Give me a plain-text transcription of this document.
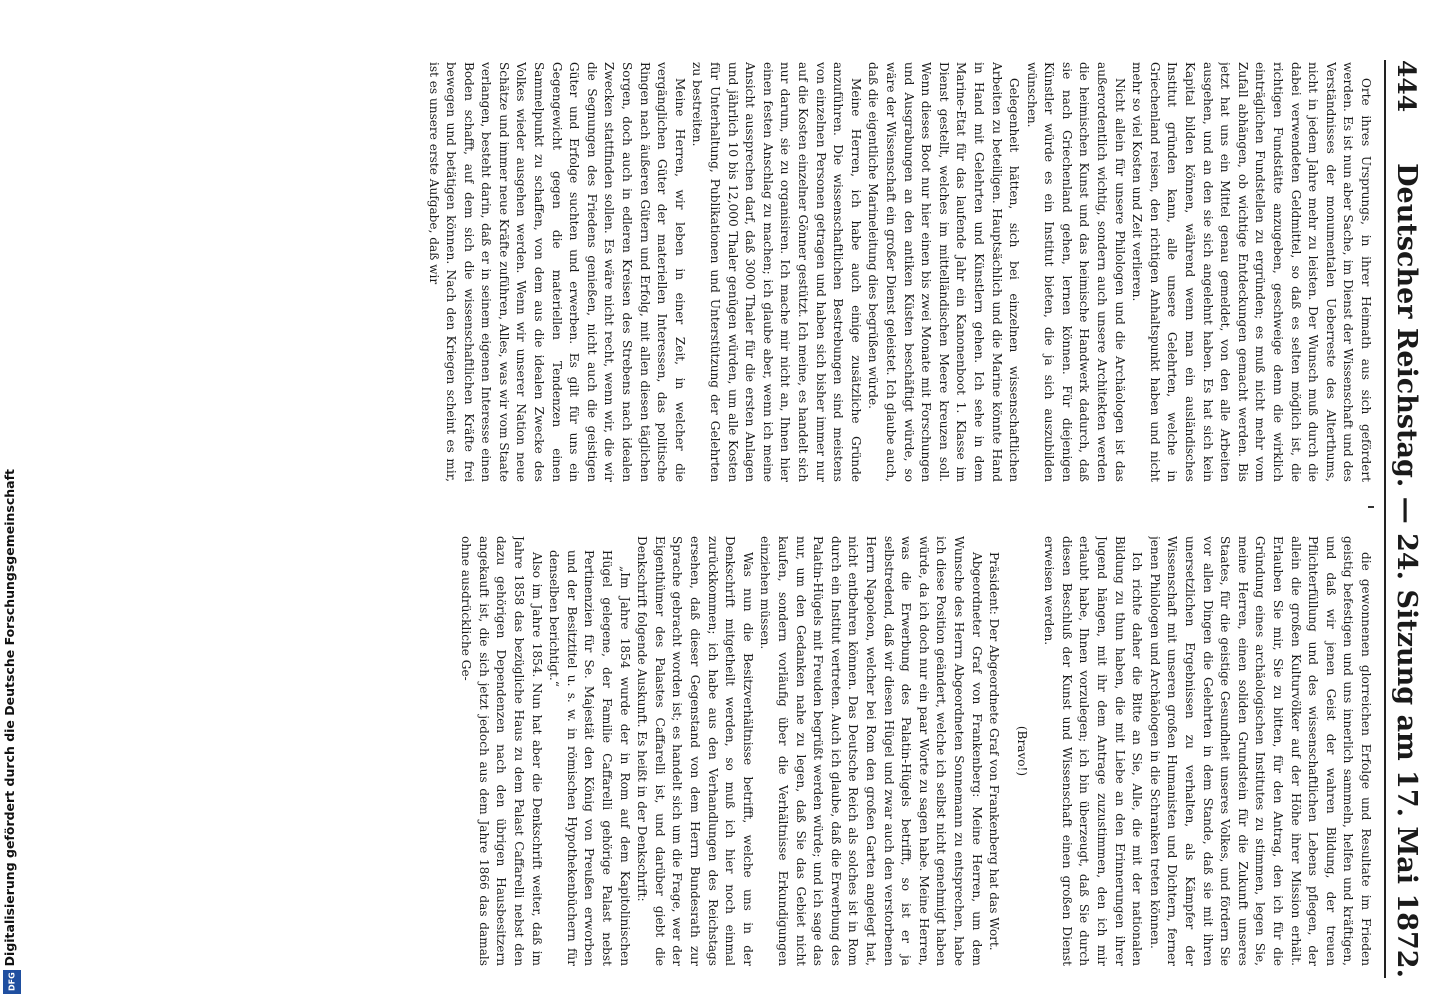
444
Deutscher Reichstag. — 24. Sitzung am 17. Mai 1872.

Orte ihres Ursprungs, in ihrer Heimath aus sich gefördert werden. Es ist nun aber Sache, im Dienst der Wissenschaft und des Verständnisses der monumentalen Ueberreste des Alterthums, nicht in jedem Jahre mehr zu leisten. Der Wunsch muß durch die dabei verwendeten Geldmittel, so daß es selten möglich ist, die richtigen Fundstätte anzugeben, geschweige denn die wirklich einträglichen Fundstellen zu ergründen; es muß nicht mehr vom Zufall abhängen, ob wichtige Entdeckungen gemacht werden. Bis jetzt hat uns ein Mittel genau gemeldet, von den alle Arbeiten ausgehen, und an den sie sich angelehnt haben. Es hat sich kein Kapital bilden können, während wenn man ein ausländisches Institut gründen kann, alle unsere Gelehrten, welche in Griechenland reisen, den richtigen Anhaltspunkt haben und nicht mehr so viel Kosten und Zeit verlieren.

Nicht allein für unsere Philologen und die Archäologen ist das außerordentlich wichtig, sondern auch unsere Architekten werden die heimischen Kunst und das heimische Handwerk dadurch, daß sie nach Griechenland gehen, lernen können. Für diejenigen Künstler würde es ein Institut bieten, die ja sich auszubilden wünschen.

Gelegenheit hätten, sich bei einzelnen wissenschaftlichen Arbeiten zu beteiligen. Hauptsächlich und die Marine könnte Hand in Hand mit Gelehrten und Künstlern gehen. Ich sehe in dem Marine-Etat für das laufende Jahr ein Kanonenboot 1. Klasse im Dienst gestellt, welches im mittelländischen Meere kreuzen soll. Wenn dieses Boot nur hier einen bis zwei Monate mit Forschungen und Ausgrabungen an den antiken Küsten beschäftigt würde, so wäre der Wissenschaft ein großer Dienst geleistet. Ich glaube auch, daß die eigentliche Marineleitung dies begrüßen würde.

Meine Herren, ich habe auch einige zusätzliche Gründe anzuführen. Die wissenschaftlichen Bestrebungen sind meistens von einzelnen Personen getragen und haben sich bisher immer nur auf die Kosten einzelner Gönner gestützt. Ich meine, es handelt sich nur darum, sie zu organisiren. Ich mache mir nicht an, Ihnen hier einen festen Anschlag zu machen; ich glaube aber, wenn ich meine Ansicht aussprechen darf, daß 3000 Thaler für die ersten Anlagen und jährlich 10 bis 12,000 Thaler genügen würden, um alle Kosten für Unterhaltung, Publikationen und Unterstützung der Gelehrten zu bestreiten.

Meine Herren, wir leben in einer Zeit, in welcher die vergänglichen Güter der materiellen Interessen, das politische Ringen nach äußeren Gütern und Erfolg, mit allen diesen täglichen Sorgen, doch auch in edleren Kreisen des Strebens nach idealen Zwecken stattfinden sollen. Es wäre nicht recht, wenn wir, die wir die Segnungen des Friedens genießen, nicht auch die geistigen Güter und Erfolge suchten und erwerben. Es gilt für uns ein Gegengewicht gegen die materiellen Tendenzen einen Sammelpunkt zu schaffen, von dem aus die idealen Zwecke des Volkes wieder ausgehen werden. Wenn wir unserer Nation neue Schätze und immer neue Kräfte zuführen, Alles, was wir vom Staate verlangen, besteht darin, daß er in seinem eigenen Interesse einen Boden schafft, auf dem sich die wissenschaftlichen Kräfte frei bewegen und betätigen können. Nach den Kriegen scheint es mir, ist es unsere erste Aufgabe, daß wir

die gewonnenen glorreichen Erfolge und Resultate im Frieden geistig befestigen und uns innerlich sammeln, helfen und kräftigen, und daß wir jenen Geist der wahren Bildung, der treuen Pflichterfüllung und des wissenschaftlichen Lebens pflegen, der allein die großen Kulturvölker auf der Höhe ihrer Mission erhält. Erlauben Sie mir, Sie zu bitten, für den Antrag, den ich für die Gründung eines archäologischen Institutes zu stimmen, legen Sie, meine Herren, einen soliden Grundstein für die Zukunft unseres Staates, für die geistige Gesundheit unseres Volkes, und fördern Sie vor allen Dingen die Gelehrten in dem Stande, daß sie mit ihren unersetzlichen Ergebnissen zu verhalten, als Kämpfer der Wissenschaft mit unseren großen Humanisten und Dichtern, ferner jenen Philologen und Archäologen in die Schranken treten können.

Ich richte daher die Bitte an Sie, Alle, die mit der nationalen Bildung zu thun haben, die mit Liebe an den Erinnerungen ihrer Jugend hängen, mit ihr dem Antrage zuzustimmen, den ich mir erlaubt habe, Ihnen vorzulegen; ich bin überzeugt, daß Sie durch diesen Beschluß der Kunst und Wissenschaft einen großen Dienst erweisen werden.

(Bravo!)

Präsident: Der Abgeordnete Graf von Frankenberg hat das Wort.

Abgeordneter Graf von Frankenberg: Meine Herren, um dem Wunsche des Herrn Abgeordneten Sonnemann zu entsprechen, habe ich diese Position geändert, welche ich selbst nicht genehmigt haben würde, da ich doch nur ein paar Worte zu sagen habe. Meine Herren, was die Erwerbung des Palatin-Hügels betrifft, so ist er ja selbstredend, daß wir diesen Hügel und zwar auch den verstorbenen Herrn Napoleon, welcher bei Rom den großen Garten angelegt hat, nicht entbehren können. Das Deutsche Reich als solches ist in Rom durch ein Institut vertreten. Auch ich glaube, daß die Erwerbung des Palatin-Hügels mit Freuden begrüßt werden würde; und ich sage das nur, um den Gedanken nahe zu legen, daß Sie das Gebiet nicht kaufen, sondern vorläufig über die Verhältnisse Erkundigungen einziehen müssen.

Was nun die Besitzverhältnisse betrifft, welche uns in der Denkschrift mitgetheilt werden, so muß ich hier noch einmal zurückkommen; ich habe aus den Verhandlungen des Reichstags ersehen, daß dieser Gegenstand von dem Herrn Bundesrath zur Sprache gebracht worden ist; es handelt sich um die Frage, wer der Eigenthümer des Palastes Caffarelli ist, und darüber giebt die Denkschrift folgende Auskunft. Es heißt in der Denkschrift:

„Im Jahre 1854 wurde der in Rom auf dem Kapitolinischen Hügel gelegene, der Familie Caffarelli gehörige Palast nebst Pertinenzien für Se. Majestät den König von Preußen erworben und der Besitztitel u. s. w. in römischen Hypothekenbüchern für denselben berichtigt.“

Also im Jahre 1854. Nun hat aber die Denkschrift weiter, daß im Jahre 1858 das bezügliche Haus zu dem Palast Caffarelli nebst den dazu gehörigen Dependenzen nach den übrigen Hausbesitzern angekauft ist, die sich jetzt jedoch aus dem Jahre 1866 das damals ohne ausdrückliche Ge-

Digitalisierung gefördert durch die Deutsche Forschungsgemeinschaft
DFG
